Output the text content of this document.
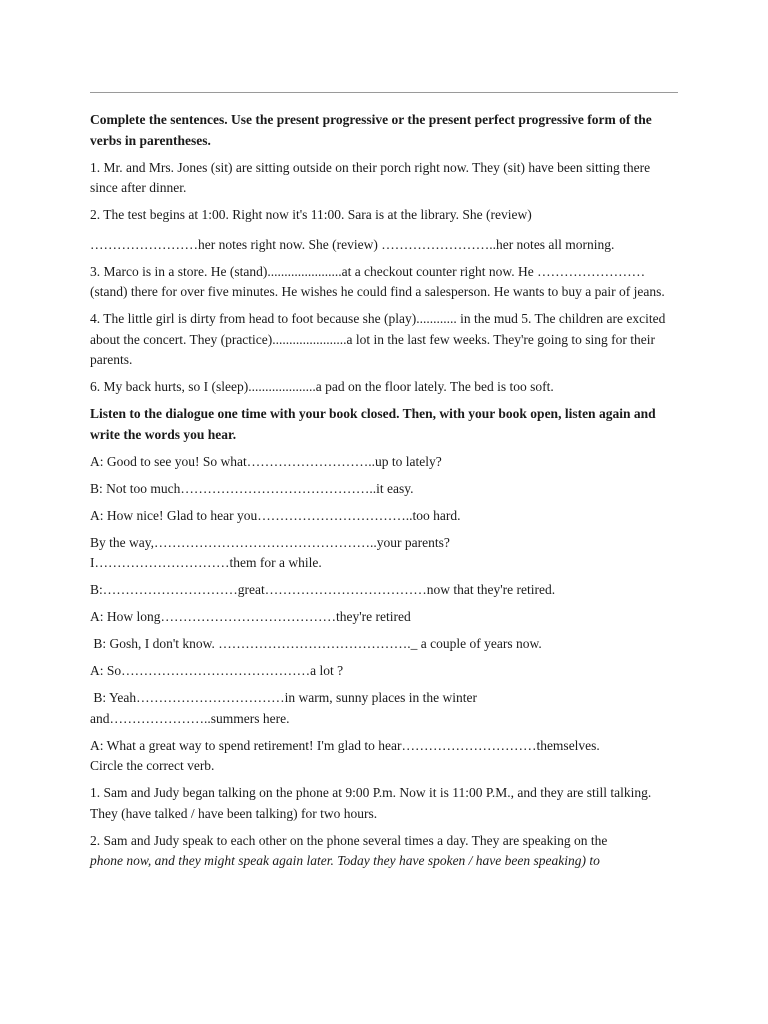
Complete the sentences. Use the present progressive or the present perfect progressive form of the verbs in parentheses.

1. Mr. and Mrs. Jones (sit) are sitting outside on their porch right now. They (sit) have been sitting there since after dinner.

2. The test begins at 1:00. Right now it's 11:00. Sara is at the library. She (review)

……………………her notes right now. She (review) ……………………..her notes all morning.

3. Marco is in a store. He (stand)......................at a checkout counter right now. He …………………… (stand) there for over five minutes. He wishes he could find a salesperson. He wants to buy a pair of jeans.

4. The little girl is dirty from head to foot because she (play)............ in the mud 5. The children are excited about the concert. They (practice)......................a lot in the last few weeks. They're going to sing for their parents.

6. My back hurts, so I (sleep)....................a pad on the floor lately. The bed is too soft.

Listen to the dialogue one time with your book closed. Then, with your book open, listen again and write the words you hear.

A: Good to see you! So what………………………..up to lately?

B: Not too much……………………………………..it easy.

A: How nice! Glad to hear you……………………………..too hard.

By the way,…………………………………………..your parents?
I…………………………them for a while.

B:…………………………great………………………………now that they're retired.

A: How long…………………………………they're retired

B: Gosh, I don't know. ……………………………………._ a couple of years now.

A: So……………………………………a lot ?

B: Yeah……………………………in warm, sunny places in the winter
and…………………..summers here.

A: What a great way to spend retirement! I'm glad to hear…………………………themselves.

Circle the correct verb.

1. Sam and Judy began talking on the phone at 9:00 P.m. Now it is 11:00 P.M., and they are still talking. They (have talked / have been talking) for two hours.

2. Sam and Judy speak to each other on the phone several times a day. They are speaking on the

phone now, and they might speak again later. Today they have spoken / have been speaking) to
